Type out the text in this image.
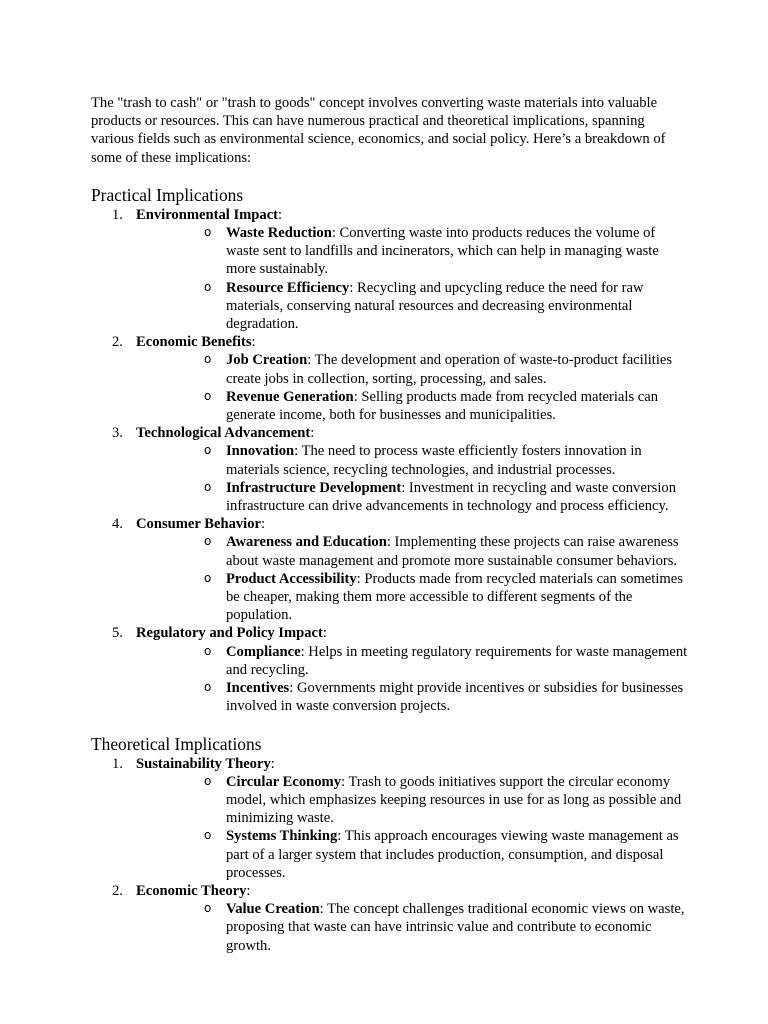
The "trash to cash" or "trash to goods" concept involves converting waste materials into valuable products or resources. This can have numerous practical and theoretical implications, spanning various fields such as environmental science, economics, and social policy. Here’s a breakdown of some of these implications:

Practical Implications
1. Environmental Impact:
o Waste Reduction: Converting waste into products reduces the volume of waste sent to landfills and incinerators, which can help in managing waste more sustainably.
o Resource Efficiency: Recycling and upcycling reduce the need for raw materials, conserving natural resources and decreasing environmental degradation.
2. Economic Benefits:
o Job Creation: The development and operation of waste-to-product facilities create jobs in collection, sorting, processing, and sales.
o Revenue Generation: Selling products made from recycled materials can generate income, both for businesses and municipalities.
3. Technological Advancement:
o Innovation: The need to process waste efficiently fosters innovation in materials science, recycling technologies, and industrial processes.
o Infrastructure Development: Investment in recycling and waste conversion infrastructure can drive advancements in technology and process efficiency.
4. Consumer Behavior:
o Awareness and Education: Implementing these projects can raise awareness about waste management and promote more sustainable consumer behaviors.
o Product Accessibility: Products made from recycled materials can sometimes be cheaper, making them more accessible to different segments of the population.
5. Regulatory and Policy Impact:
o Compliance: Helps in meeting regulatory requirements for waste management and recycling.
o Incentives: Governments might provide incentives or subsidies for businesses involved in waste conversion projects.
Theoretical Implications
1. Sustainability Theory:
o Circular Economy: Trash to goods initiatives support the circular economy model, which emphasizes keeping resources in use for as long as possible and minimizing waste.
o Systems Thinking: This approach encourages viewing waste management as part of a larger system that includes production, consumption, and disposal processes.
2. Economic Theory:
o Value Creation: The concept challenges traditional economic views on waste, proposing that waste can have intrinsic value and contribute to economic growth.
